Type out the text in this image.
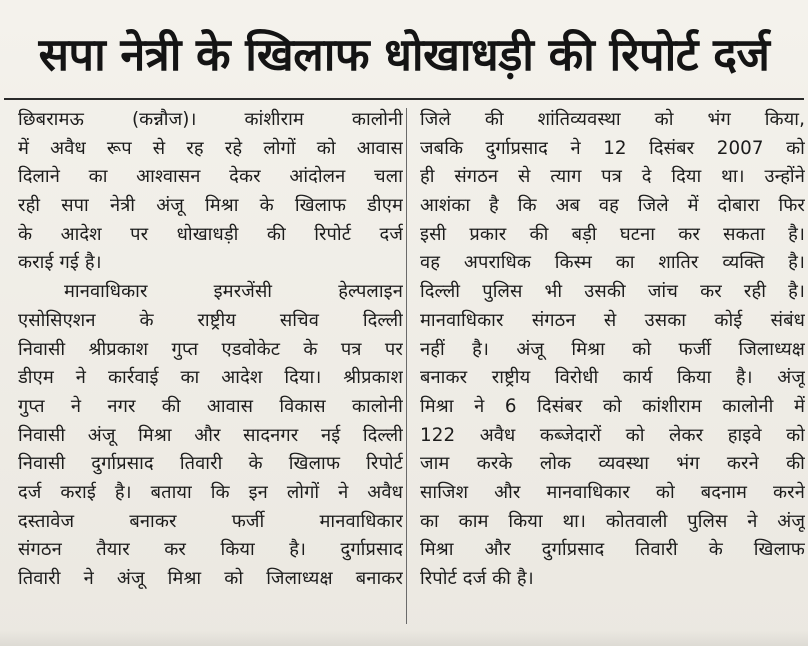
सपा नेत्री के खिलाफ धोखाधड़ी की रिपोर्ट दर्ज
छिबरामऊ (कन्नौज)। कांशीराम कालोनी
में अवैध रूप से रह रहे लोगों को आवास
दिलाने का आश्वासन देकर आंदोलन चला
रही सपा नेत्री अंजू मिश्रा के खिलाफ डीएम
के आदेश पर धोखाधड़ी की रिपोर्ट दर्ज
कराई गई है।
मानवाधिकार इमरजेंसी हेल्पलाइन
एसोसिएशन के राष्ट्रीय सचिव दिल्ली
निवासी श्रीप्रकाश गुप्त एडवोकेट के पत्र पर
डीएम ने कार्रवाई का आदेश दिया। श्रीप्रकाश
गुप्त ने नगर की आवास विकास कालोनी
निवासी अंजू मिश्रा और सादनगर नई दिल्ली
निवासी दुर्गाप्रसाद तिवारी के खिलाफ रिपोर्ट
दर्ज कराई है। बताया कि इन लोगों ने अवैध
दस्तावेज बनाकर फर्जी मानवाधिकार
संगठन तैयार कर किया है। दुर्गाप्रसाद
तिवारी ने अंजू मिश्रा को जिलाध्यक्ष बनाकर
जिले की शांतिव्यवस्था को भंग किया,
जबकि दुर्गाप्रसाद ने 12 दिसंबर 2007 को
ही संगठन से त्याग पत्र दे दिया था। उन्होंने
आशंका है कि अब वह जिले में दोबारा फिर
इसी प्रकार की बड़ी घटना कर सकता है।
वह अपराधिक किस्म का शातिर व्यक्ति है।
दिल्ली पुलिस भी उसकी जांच कर रही है।
मानवाधिकार संगठन से उसका कोई संबंध
नहीं है। अंजू मिश्रा को फर्जी जिलाध्यक्ष
बनाकर राष्ट्रीय विरोधी कार्य किया है। अंजू
मिश्रा ने 6 दिसंबर को कांशीराम कालोनी में
122 अवैध कब्जेदारों को लेकर हाइवे को
जाम करके लोक व्यवस्था भंग करने की
साजिश और मानवाधिकार को बदनाम करने
का काम किया था। कोतवाली पुलिस ने अंजू
मिश्रा और दुर्गाप्रसाद तिवारी के खिलाफ
रिपोर्ट दर्ज की है।
